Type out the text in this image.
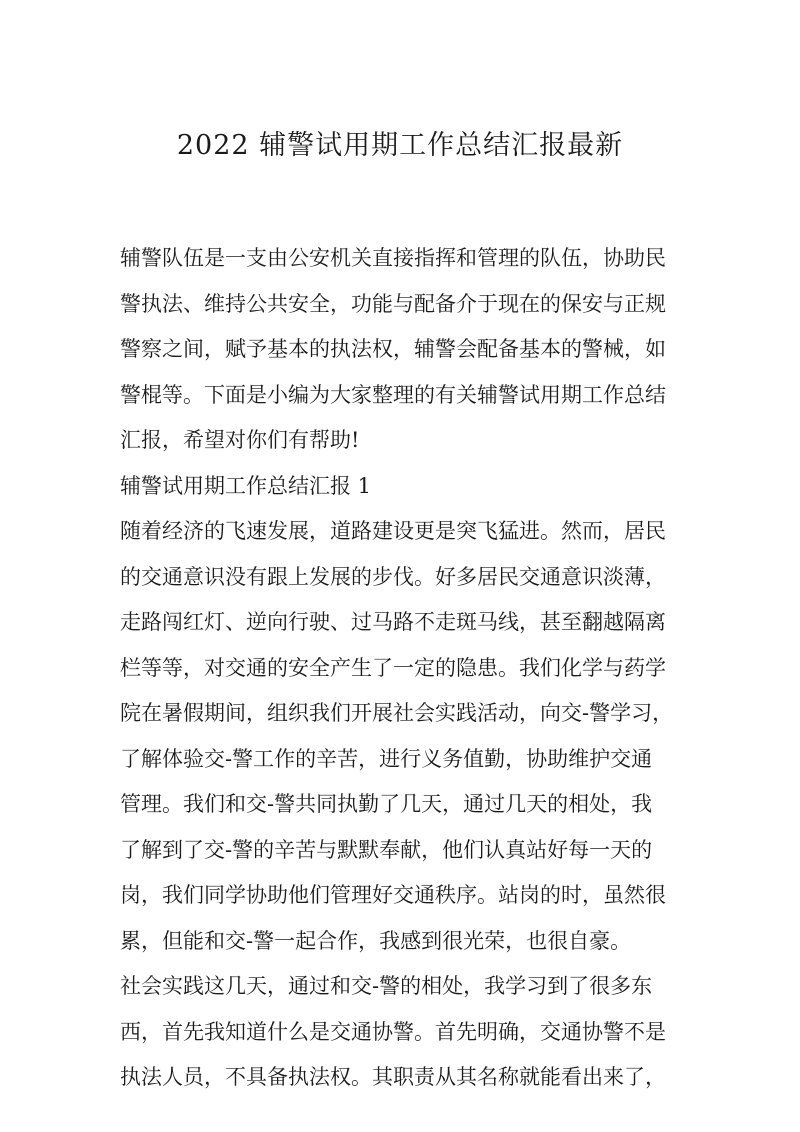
2022 辅警试用期工作总结汇报最新
辅警队伍是一支由公安机关直接指挥和管理的队伍，协助民
警执法、维持公共安全，功能与配备介于现在的保安与正规
警察之间，赋予基本的执法权，辅警会配备基本的警械，如
警棍等。下面是小编为大家整理的有关辅警试用期工作总结
汇报，希望对你们有帮助!
辅警试用期工作总结汇报 1
随着经济的飞速发展，道路建设更是突飞猛进。然而，居民
的交通意识没有跟上发展的步伐。好多居民交通意识淡薄，
走路闯红灯、逆向行驶、过马路不走斑马线，甚至翻越隔离
栏等等，对交通的安全产生了一定的隐患。我们化学与药学
院在暑假期间，组织我们开展社会实践活动，向交-警学习，
了解体验交-警工作的辛苦，进行义务值勤，协助维护交通
管理。我们和交-警共同执勤了几天，通过几天的相处，我
了解到了交-警的辛苦与默默奉献，他们认真站好每一天的
岗，我们同学协助他们管理好交通秩序。站岗的时，虽然很
累，但能和交-警一起合作，我感到很光荣，也很自豪。
社会实践这几天，通过和交-警的相处，我学习到了很多东
西，首先我知道什么是交通协警。首先明确，交通协警不是
执法人员，不具备执法权。其职责从其名称就能看出来了，
